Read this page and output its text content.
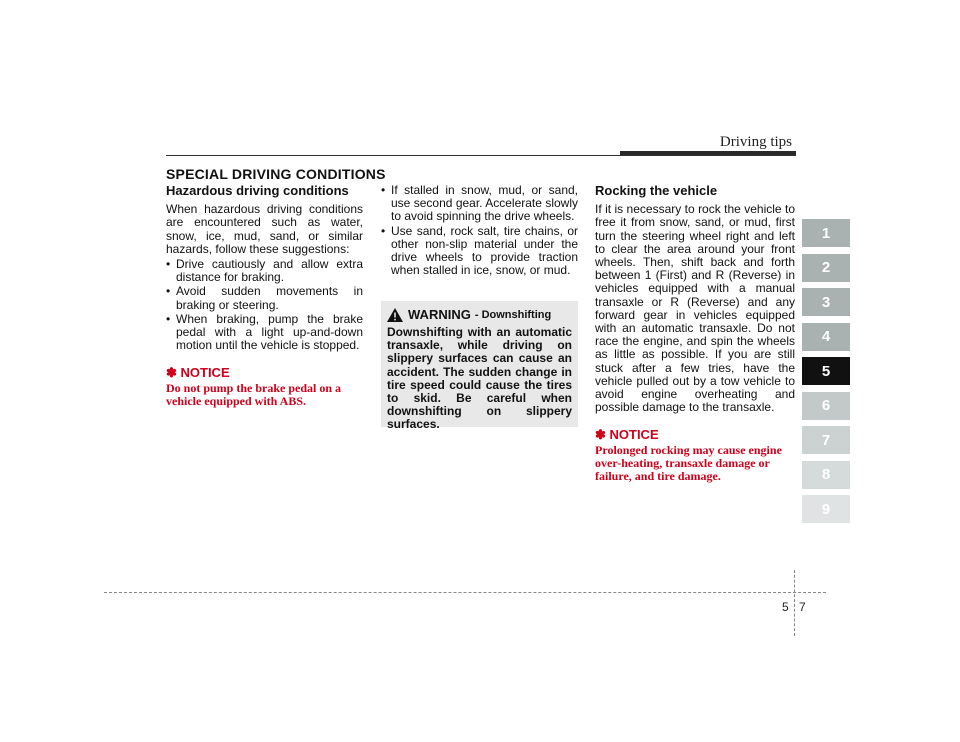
Driving tips
SPECIAL DRIVING CONDITIONS
Hazardous driving conditions

When hazardous driving conditions are encountered such as water, snow, ice, mud, sand, or similar hazards, follow these suggestions:

• Drive cautiously and allow extra distance for braking.
• Avoid sudden movements in braking or steering.
• When braking, pump the brake pedal with a light up-and-down motion until the vehicle is stopped.
✽ NOTICE
Do not pump the brake pedal on a vehicle equipped with ABS.
• If stalled in snow, mud, or sand, use second gear. Accelerate slowly to avoid spinning the drive wheels.
• Use sand, rock salt, tire chains, or other non-slip material under the drive wheels to provide traction when stalled in ice, snow, or mud.
WARNING - Downshifting
Downshifting with an automatic transaxle, while driving on slippery surfaces can cause an accident. The sudden change in tire speed could cause the tires to skid. Be careful when downshifting on slippery surfaces.
Rocking the vehicle

If it is necessary to rock the vehicle to free it from snow, sand, or mud, first turn the steering wheel right and left to clear the area around your front wheels. Then, shift back and forth between 1 (First) and R (Reverse) in vehicles equipped with a manual transaxle or R (Reverse) and any forward gear in vehicles equipped with an automatic transaxle. Do not race the engine, and spin the wheels as little as possible. If you are still stuck after a few tries, have the vehicle pulled out by a tow vehicle to avoid engine overheating and possible damage to the transaxle.

✽ NOTICE
Prolonged rocking may cause engine over-heating, transaxle damage or failure, and tire damage.
1
2
3
4
5
6
7
8
9
5 7
